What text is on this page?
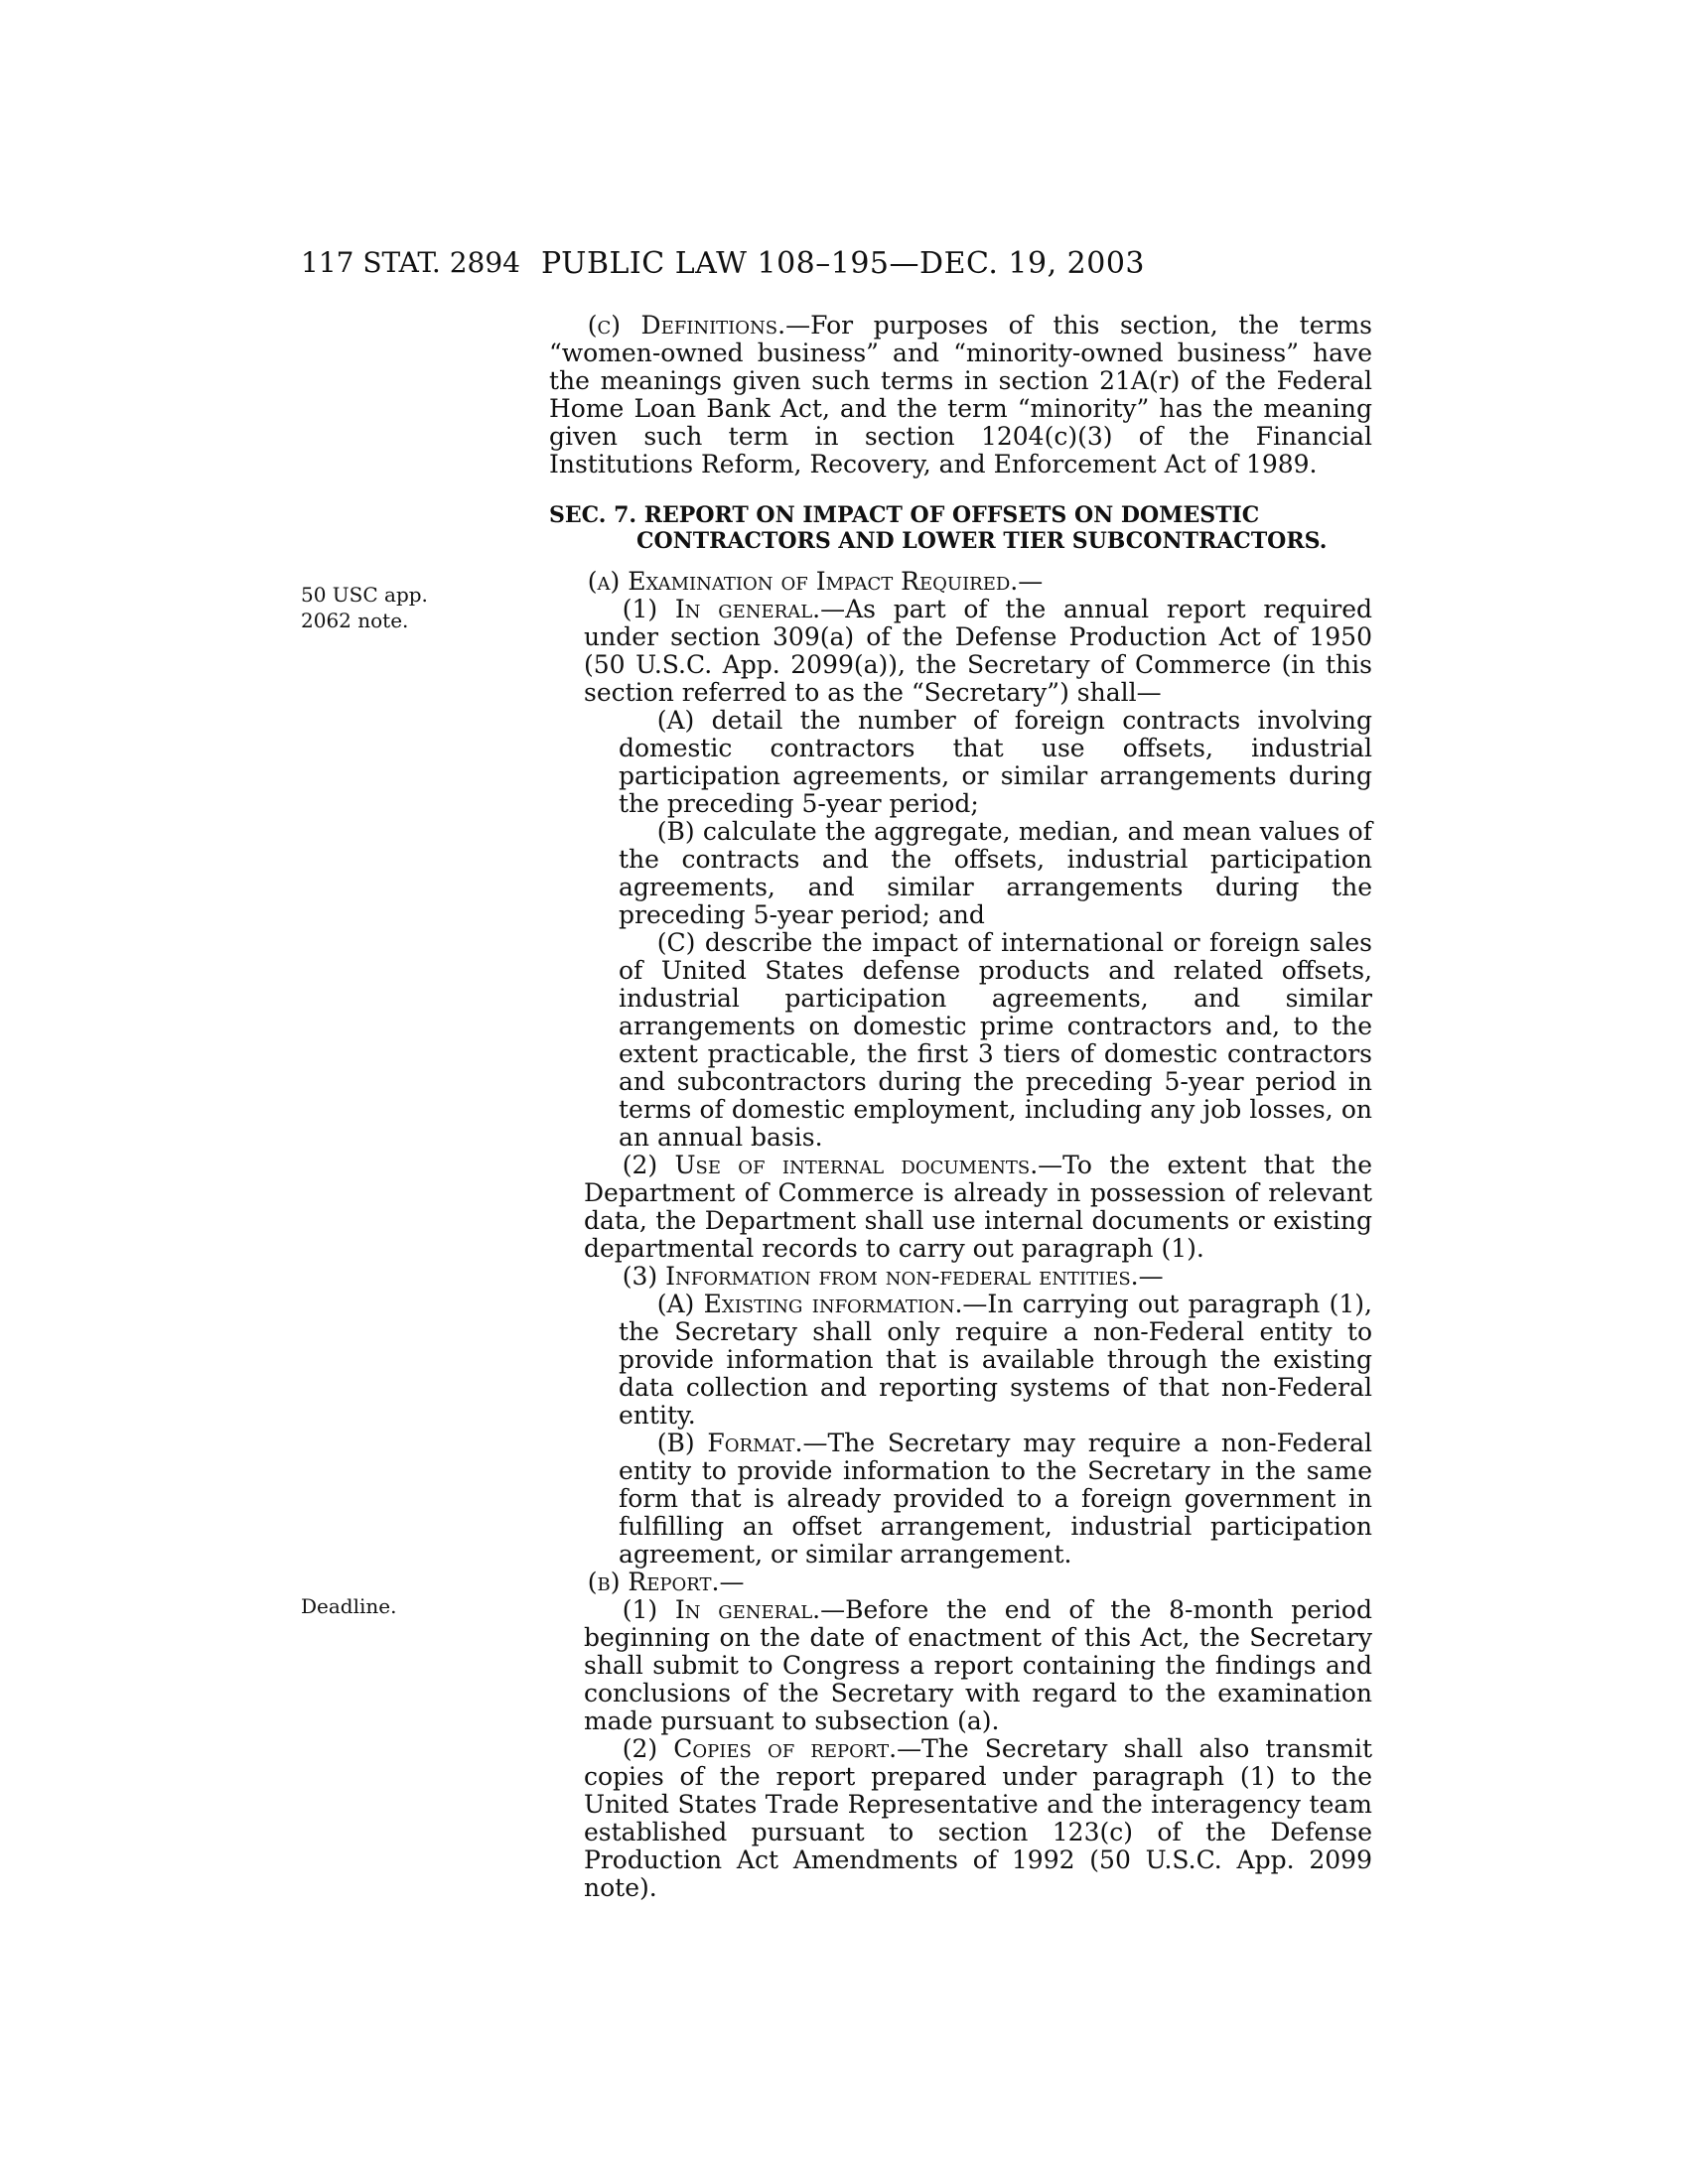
117 STAT. 2894 PUBLIC LAW 108–195—DEC. 19, 2003
50 USC app.
2062 note.
Deadline.

(c) Definitions.—For purposes of this section, the terms “women-owned business” and “minority-owned business” have the meanings given such terms in section 21A(r) of the Federal Home Loan Bank Act, and the term “minority” has the meaning given such term in section 1204(c)(3) of the Financial Institutions Reform, Recovery, and Enforcement Act of 1989.

SEC. 7. REPORT ON IMPACT OF OFFSETS ON DOMESTIC CONTRACTORS AND LOWER TIER SUBCONTRACTORS.

(a) Examination of Impact Required.—

(1) In general.—As part of the annual report required under section 309(a) of the Defense Production Act of 1950 (50 U.S.C. App. 2099(a)), the Secretary of Commerce (in this section referred to as the “Secretary”) shall—

(A) detail the number of foreign contracts involving domestic contractors that use offsets, industrial participation agreements, or similar arrangements during the preceding 5-year period;

(B) calculate the aggregate, median, and mean values of the contracts and the offsets, industrial participation agreements, and similar arrangements during the preceding 5-year period; and

(C) describe the impact of international or foreign sales of United States defense products and related offsets, industrial participation agreements, and similar arrangements on domestic prime contractors and, to the extent practicable, the first 3 tiers of domestic contractors and subcontractors during the preceding 5-year period in terms of domestic employment, including any job losses, on an annual basis.

(2) Use of internal documents.—To the extent that the Department of Commerce is already in possession of relevant data, the Department shall use internal documents or existing departmental records to carry out paragraph (1).

(3) Information from non-federal entities.—

(A) Existing information.—In carrying out paragraph (1), the Secretary shall only require a non-Federal entity to provide information that is available through the existing data collection and reporting systems of that non-Federal entity.

(B) Format.—The Secretary may require a non-Federal entity to provide information to the Secretary in the same form that is already provided to a foreign government in fulfilling an offset arrangement, industrial participation agreement, or similar arrangement.

(b) Report.—

(1) In general.—Before the end of the 8-month period beginning on the date of enactment of this Act, the Secretary shall submit to Congress a report containing the findings and conclusions of the Secretary with regard to the examination made pursuant to subsection (a).

(2) Copies of report.—The Secretary shall also transmit copies of the report prepared under paragraph (1) to the United States Trade Representative and the interagency team established pursuant to section 123(c) of the Defense Production Act Amendments of 1992 (50 U.S.C. App. 2099 note).
